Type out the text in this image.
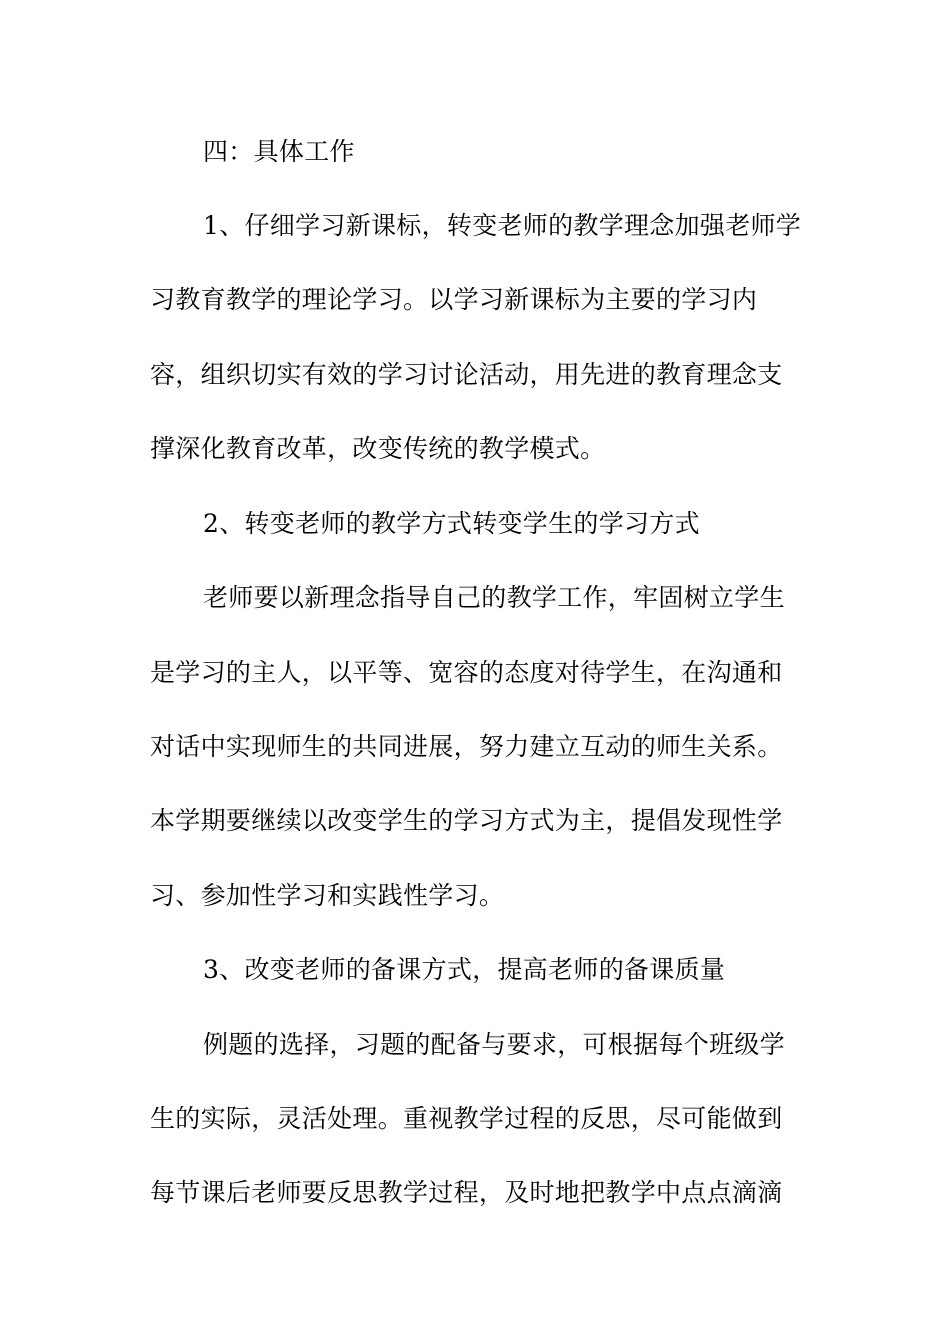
四：具体工作
1、仔细学习新课标，转变老师的教学理念加强老师学
习教育教学的理论学习。以学习新课标为主要的学习内
容，组织切实有效的学习讨论活动，用先进的教育理念支
撑深化教育改革，改变传统的教学模式。
2、转变老师的教学方式转变学生的学习方式
老师要以新理念指导自己的教学工作，牢固树立学生
是学习的主人，以平等、宽容的态度对待学生，在沟通和
对话中实现师生的共同进展，努力建立互动的师生关系。
本学期要继续以改变学生的学习方式为主，提倡发现性学
习、参加性学习和实践性学习。
3、改变老师的备课方式，提高老师的备课质量
例题的选择，习题的配备与要求，可根据每个班级学
生的实际，灵活处理。重视教学过程的反思，尽可能做到
每节课后老师要反思教学过程，及时地把教学中点点滴滴
